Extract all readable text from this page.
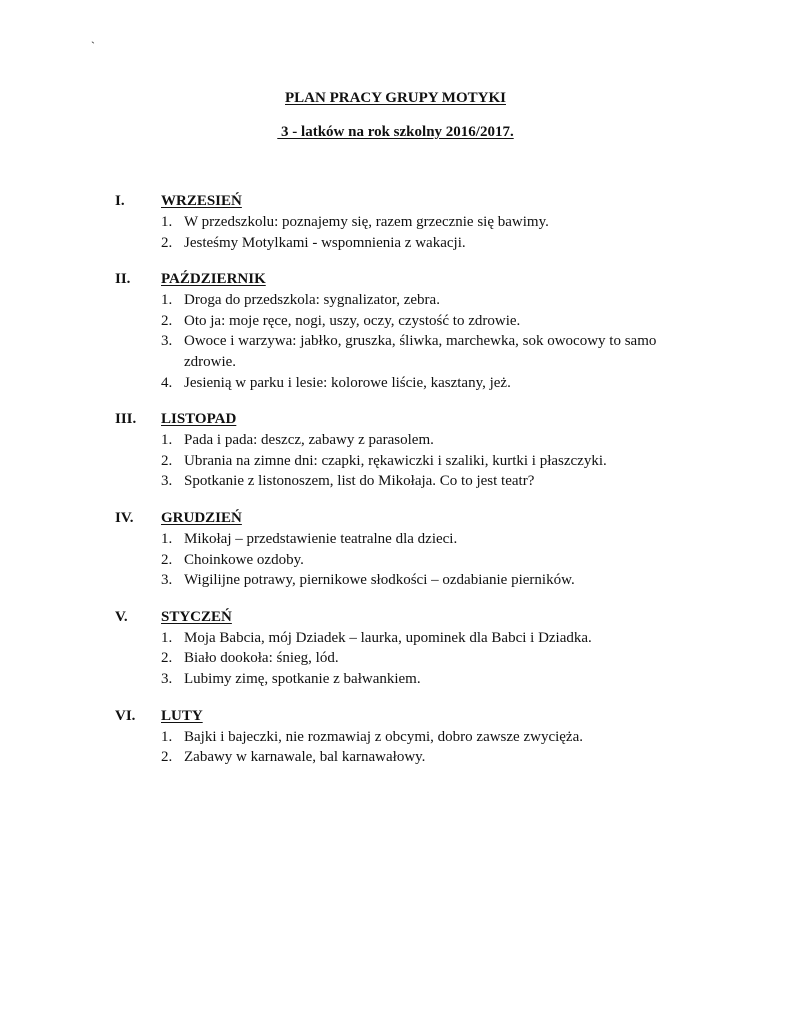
`
PLAN PRACY GRUPY MOTYKI
3 - latków na rok szkolny 2016/2017.
I.	WRZESIEŃ
1. W przedszkolu: poznajemy się, razem grzecznie się bawimy.
2. Jesteśmy Motylkami - wspomnienia z wakacji.
II.	PAŹDZIERNIK
1. Droga do przedszkola: sygnalizator, zebra.
2. Oto ja: moje ręce, nogi, uszy, oczy, czystość to zdrowie.
3. Owoce i warzywa: jabłko, gruszka, śliwka, marchewka, sok owocowy to samo zdrowie.
4. Jesienią w parku i lesie: kolorowe liście, kasztany, jeż.
III.	LISTOPAD
1. Pada i pada: deszcz, zabawy z parasolem.
2. Ubrania na zimne dni: czapki, rękawiczki i szaliki, kurtki i płaszczyki.
3. Spotkanie z listonoszem, list do Mikołaja. Co to jest teatr?
IV.	GRUDZIEŃ
1. Mikołaj – przedstawienie teatralne dla dzieci.
2. Choinkowe ozdoby.
3. Wigilijne potrawy, piernikowe słodkości – ozdabianie pierników.
V.	STYCZEŃ
1. Moja Babcia, mój Dziadek – laurka, upominek dla Babci i Dziadka.
2. Biało dookoła: śnieg, lód.
3. Lubimy zimę, spotkanie z bałwankiem.
VI.	LUTY
1. Bajki i bajeczki, nie rozmawiaj z obcymi, dobro zawsze zwycięża.
2. Zabawy w karnawale, bal karnawałowy.
